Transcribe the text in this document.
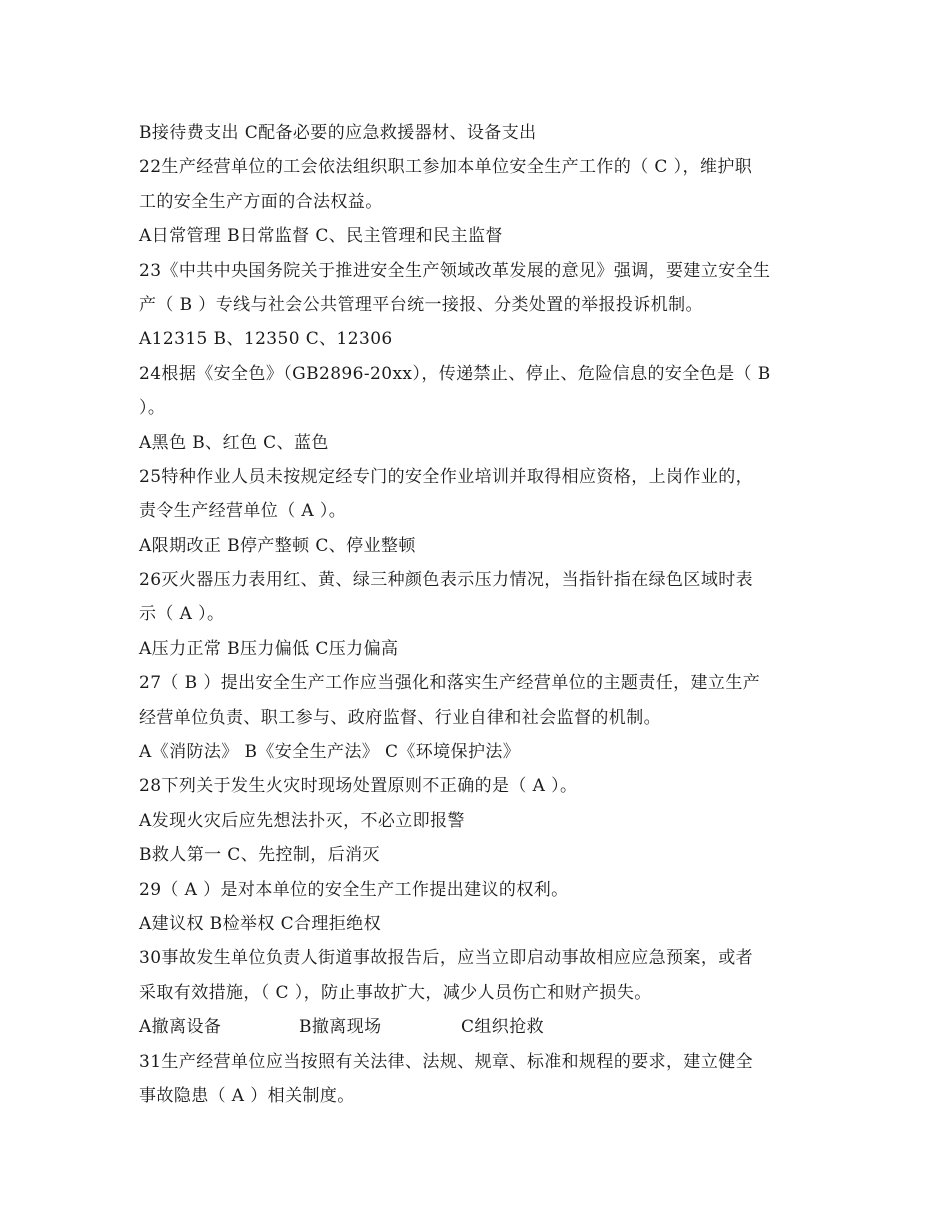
B接待费支出 C配备必要的应急救援器材、设备支出
22生产经营单位的工会依法组织职工参加本单位安全生产工作的（ C ），维护职
工的安全生产方面的合法权益。
A日常管理 B日常监督 C、民主管理和民主监督
23《中共中央国务院关于推进安全生产领域改革发展的意见》强调，要建立安全生
产（ B ）专线与社会公共管理平台统一接报、分类处置的举报投诉机制。
A12315 B、12350 C、12306
24根据《安全色》（GB2896-20xx），传递禁止、停止、危险信息的安全色是（ B
）。
A黑色 B、红色 C、蓝色
25特种作业人员未按规定经专门的安全作业培训并取得相应资格，上岗作业的，
责令生产经营单位（ A ）。
A限期改正 B停产整顿 C、停业整顿
26灭火器压力表用红、黄、绿三种颜色表示压力情况，当指针指在绿色区域时表
示（ A ）。
A压力正常 B压力偏低 C压力偏高
27（ B ）提出安全生产工作应当强化和落实生产经营单位的主题责任，建立生产
经营单位负责、职工参与、政府监督、行业自律和社会监督的机制。
A《消防法》 B《安全生产法》 C《环境保护法》
28下列关于发生火灾时现场处置原则不正确的是（ A ）。
A发现火灾后应先想法扑灭，不必立即报警
B救人第一 C、先控制，后消灭
29（ A ）是对本单位的安全生产工作提出建议的权利。
A建议权 B检举权 C合理拒绝权
30事故发生单位负责人街道事故报告后，应当立即启动事故相应应急预案，或者
采取有效措施，（ C ），防止事故扩大，减少人员伤亡和财产损失。
A撤离设备	B撤离现场	C组织抢救
31生产经营单位应当按照有关法律、法规、规章、标准和规程的要求，建立健全
事故隐患（ A ）相关制度。
